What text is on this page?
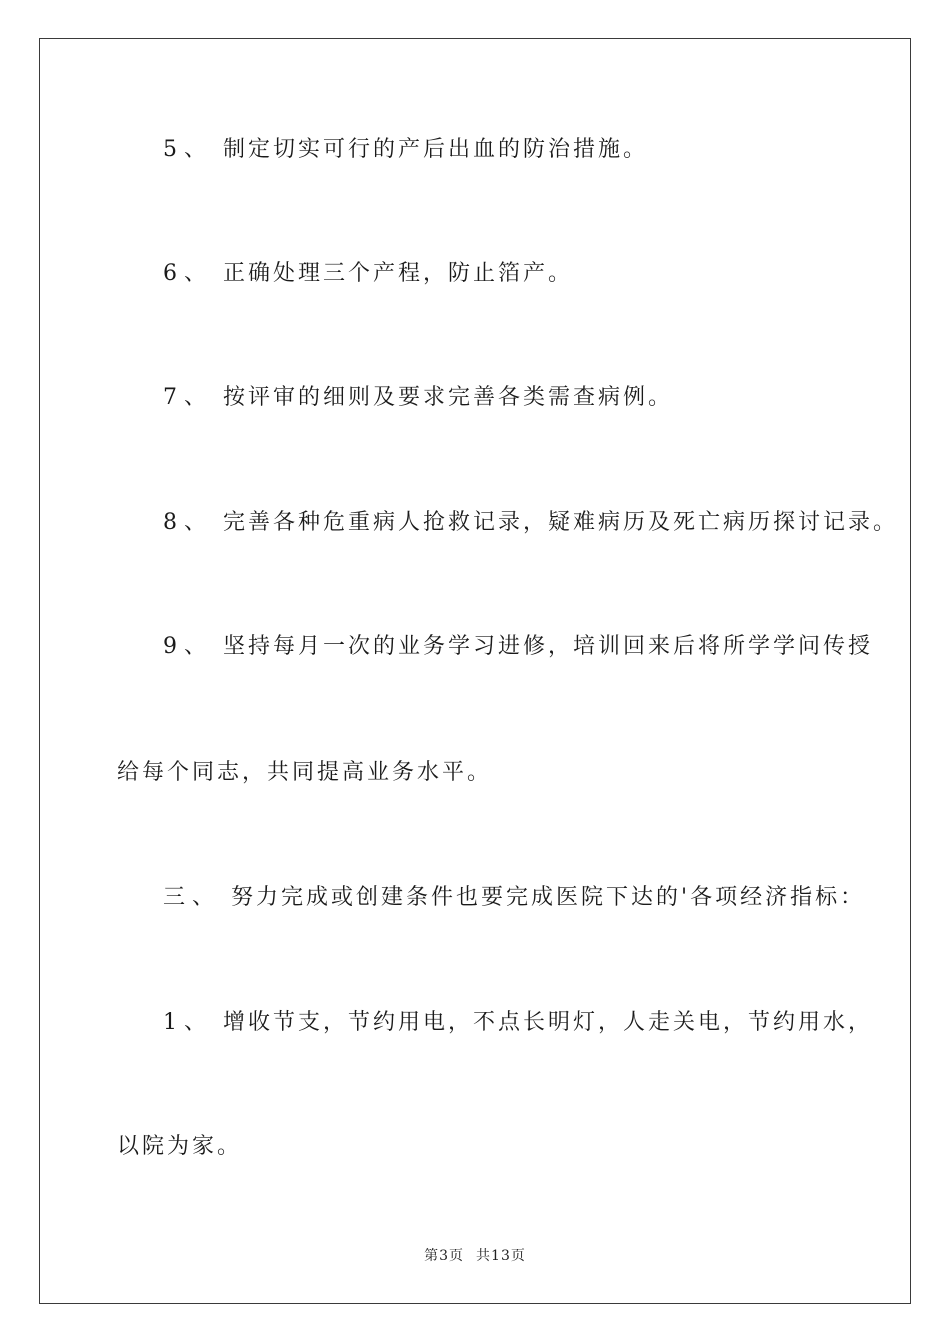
5 、 制定切实可行的产后出血的防治措施。
6 、 正确处理三个产程，防止箔产。
7 、 按评审的细则及要求完善各类需查病例。
8 、 完善各种危重病人抢救记录，疑难病历及死亡病历探讨记录。
9 、 坚持每月一次的业务学习进修，培训回来后将所学学问传授
给每个同志，共同提高业务水平。
三 、 努力完成或创建条件也要完成医院下达的'各项经济指标：
1 、 增收节支，节约用电，不点长明灯，人走关电，节约用水，
以院为家。
第3页 共13页
